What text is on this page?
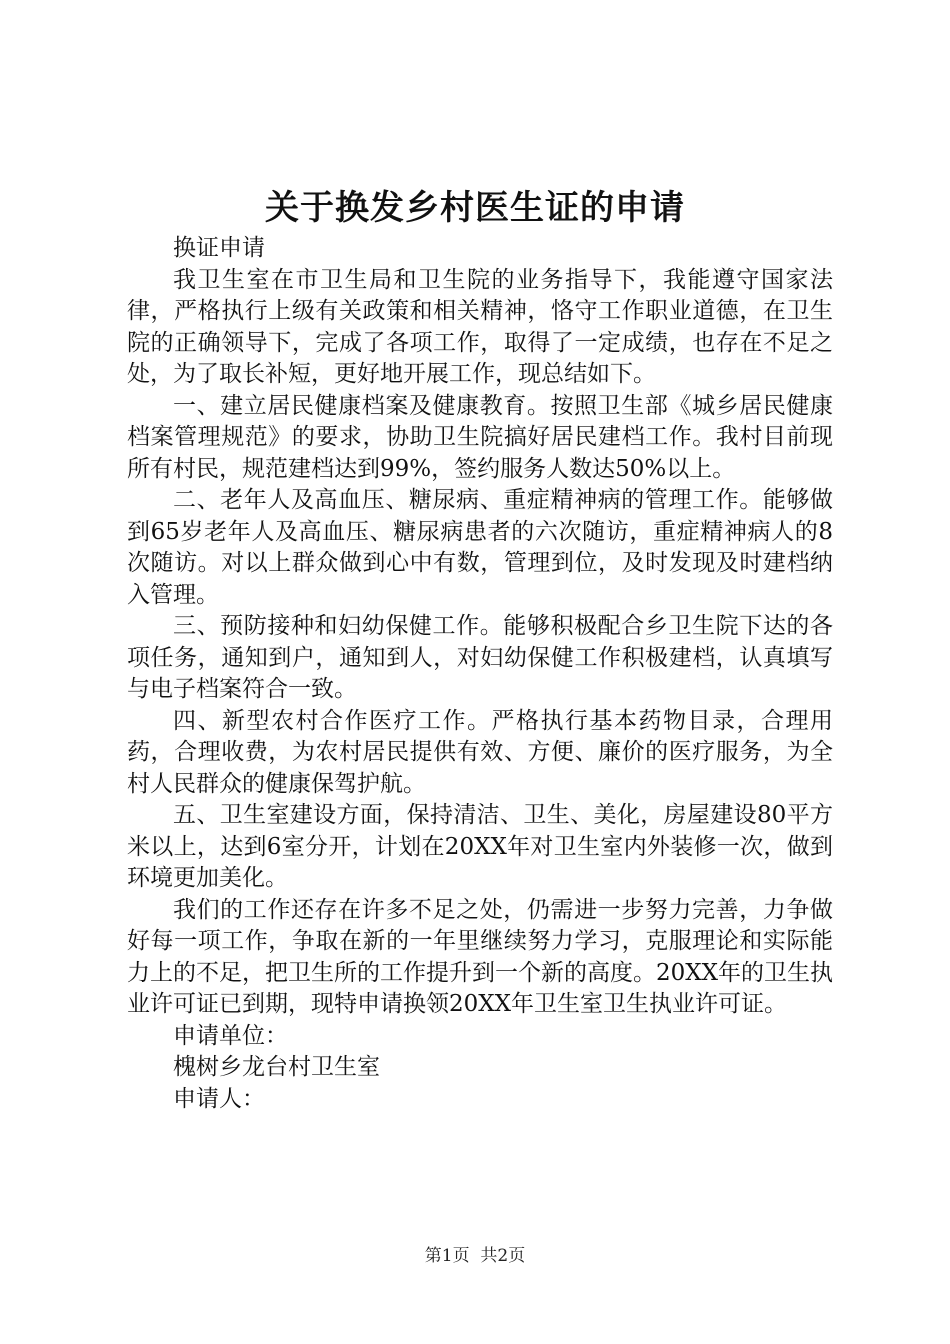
关于换发乡村医生证的申请

换证申请

我卫生室在市卫生局和卫生院的业务指导下，我能遵守国家法律，严格执行上级有关政策和相关精神，恪守工作职业道德，在卫生院的正确领导下，完成了各项工作，取得了一定成绩，也存在不足之处，为了取长补短，更好地开展工作，现总结如下。

一、建立居民健康档案及健康教育。按照卫生部《城乡居民健康档案管理规范》的要求，协助卫生院搞好居民建档工作。我村目前现所有村民，规范建档达到99%，签约服务人数达50%以上。

二、老年人及高血压、糖尿病、重症精神病的管理工作。能够做到65岁老年人及高血压、糖尿病患者的六次随访，重症精神病人的8次随访。对以上群众做到心中有数，管理到位，及时发现及时建档纳入管理。

三、预防接种和妇幼保健工作。能够积极配合乡卫生院下达的各项任务，通知到户，通知到人，对妇幼保健工作积极建档，认真填写与电子档案符合一致。

四、新型农村合作医疗工作。严格执行基本药物目录，合理用药，合理收费，为农村居民提供有效、方便、廉价的医疗服务，为全村人民群众的健康保驾护航。

五、卫生室建设方面，保持清洁、卫生、美化，房屋建设80平方米以上，达到6室分开，计划在20XX年对卫生室内外装修一次，做到环境更加美化。

我们的工作还存在许多不足之处，仍需进一步努力完善，力争做好每一项工作，争取在新的一年里继续努力学习，克服理论和实际能力上的不足，把卫生所的工作提升到一个新的高度。20XX年的卫生执业许可证已到期，现特申请换领20XX年卫生室卫生执业许可证。

申请单位：

槐树乡龙台村卫生室

申请人：

第1页 共2页
